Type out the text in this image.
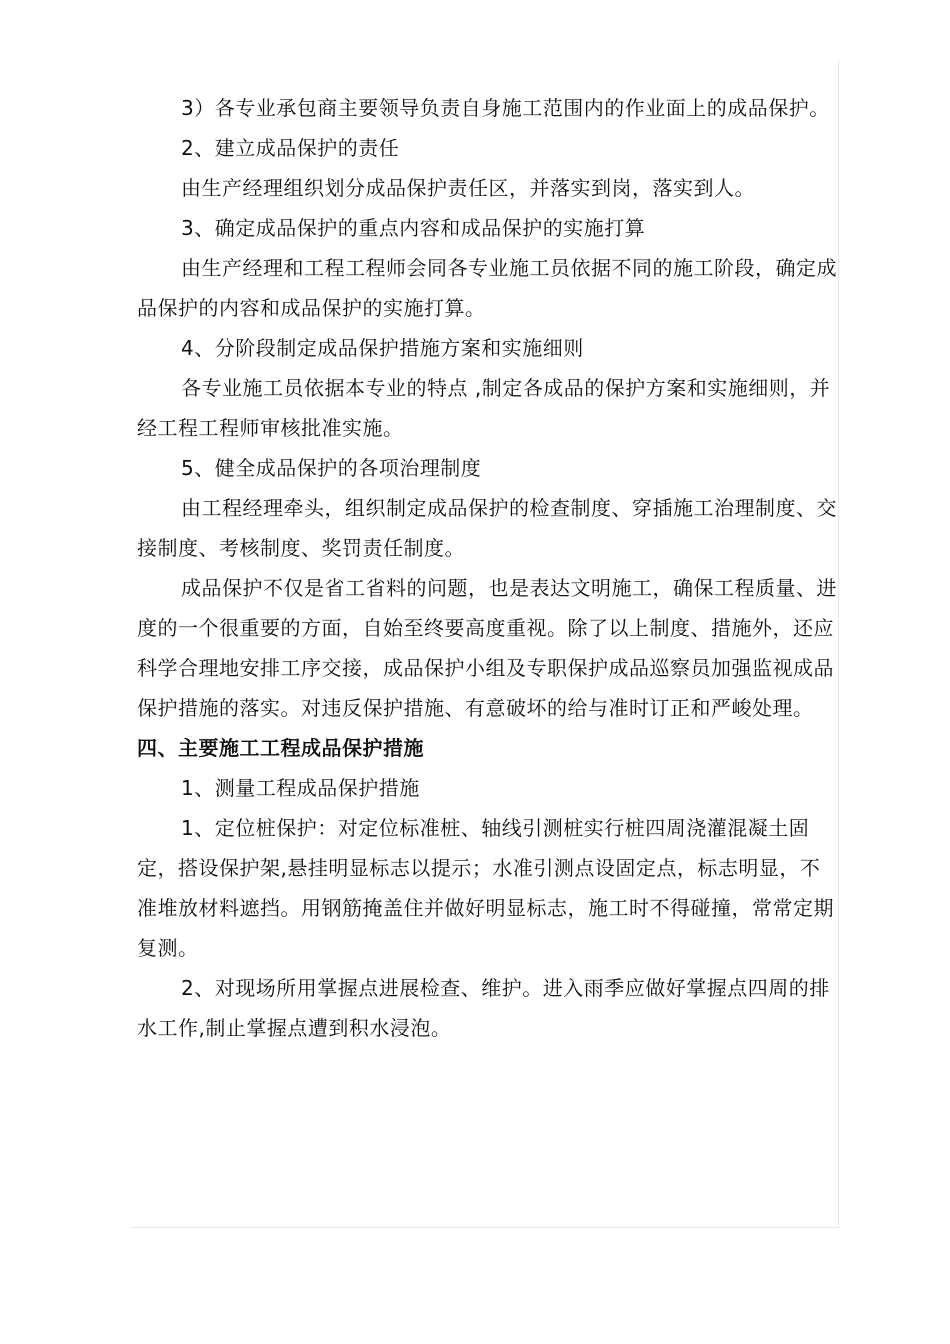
3）各专业承包商主要领导负责自身施工范围内的作业面上的成品保护。

2、建立成品保护的责任

由生产经理组织划分成品保护责任区，并落实到岗，落实到人。

3、确定成品保护的重点内容和成品保护的实施打算

由生产经理和工程工程师会同各专业施工员依据不同的施工阶段，确定成品保护的内容和成品保护的实施打算。

4、分阶段制定成品保护措施方案和实施细则

各专业施工员依据本专业的特点 ,制定各成品的保护方案和实施细则，并经工程工程师审核批准实施。

5、健全成品保护的各项治理制度

由工程经理牵头，组织制定成品保护的检查制度、穿插施工治理制度、交接制度、考核制度、奖罚责任制度。

成品保护不仅是省工省料的问题，也是表达文明施工，确保工程质量、进度的一个很重要的方面，自始至终要高度重视。除了以上制度、措施外，还应科学合理地安排工序交接，成品保护小组及专职保护成品巡察员加强监视成品保护措施的落实。对违反保护措施、有意破坏的给与准时订正和严峻处理。

四、主要施工工程成品保护措施

1、测量工程成品保护措施

1、定位桩保护：对定位标准桩、轴线引测桩实行桩四周浇灌混凝土固定，搭设保护架,悬挂明显标志以提示；水准引测点设固定点，标志明显，不准堆放材料遮挡。用钢筋掩盖住并做好明显标志，施工时不得碰撞，常常定期复测。

2、对现场所用掌握点进展检查、维护。进入雨季应做好掌握点四周的排水工作,制止掌握点遭到积水浸泡。
